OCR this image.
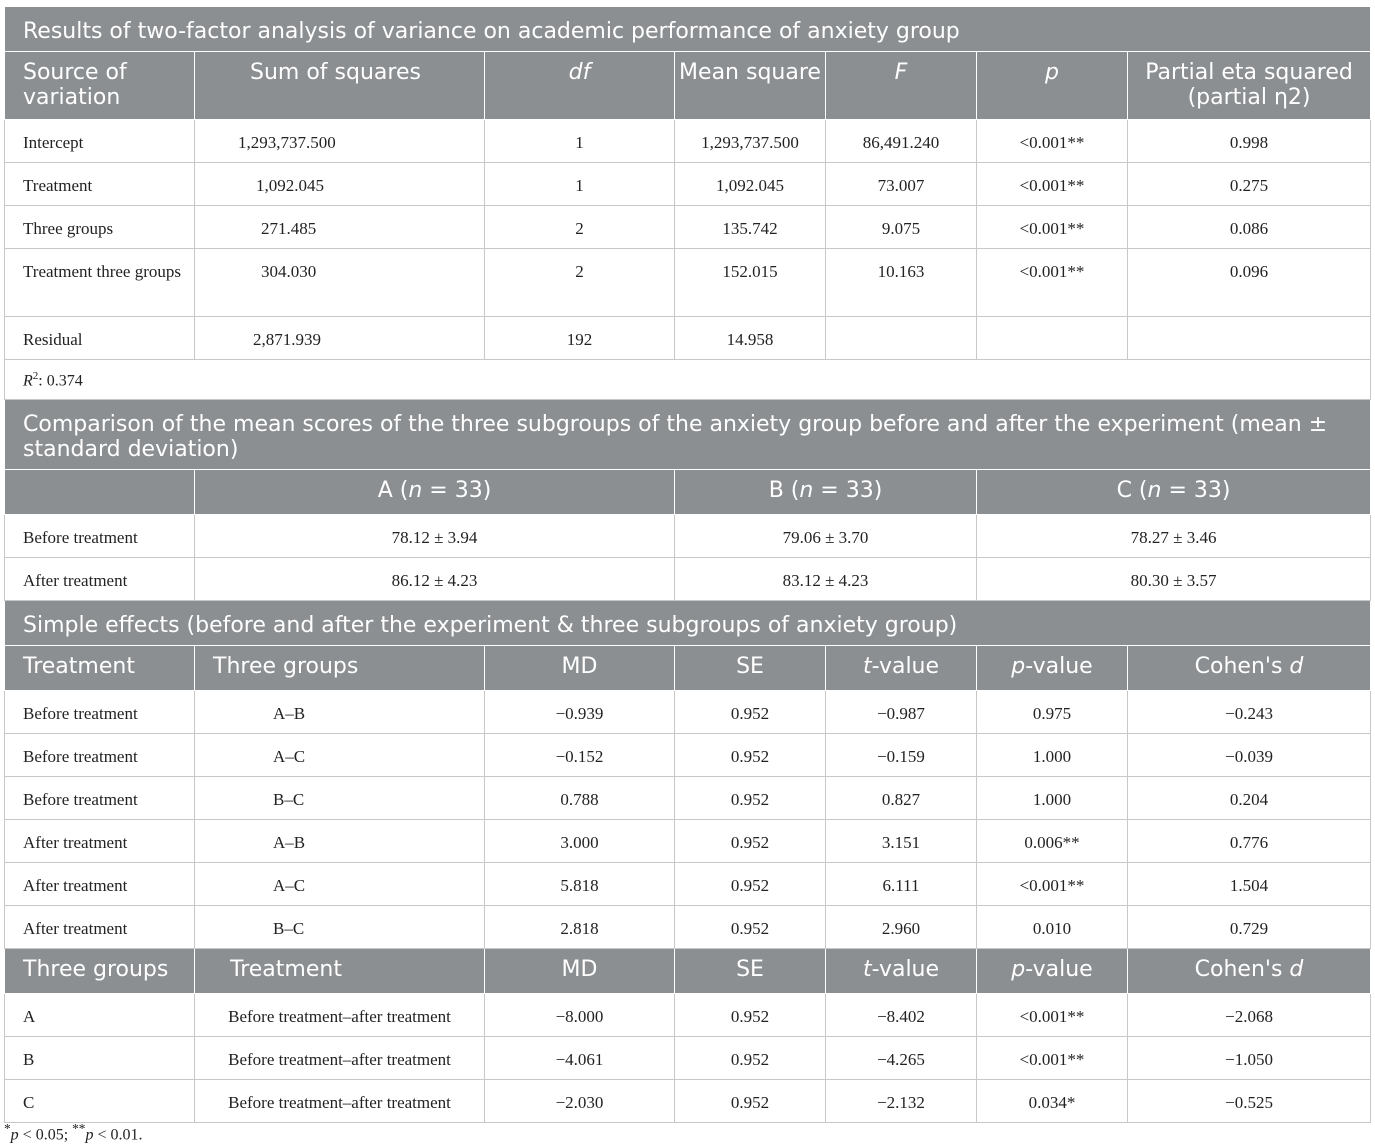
Results of two-factor analysis of variance on academic performance of anxiety group						
Source of variation	Sum of squares	df	Mean square	F	p	Partial eta squared (partial η2)
Intercept	1,293,737.500	1	1,293,737.500	86,491.240	<0.001**	0.998
Treatment	1,092.045	1	1,092.045	73.007	<0.001**	0.275
Three groups	271.485	2	135.742	9.075	<0.001**	0.086
Treatment three groups	304.030	2	152.015	10.163	<0.001**	0.096
Residual	2,871.939	192	14.958			
$R^2$: 0.374						
Comparison of the mean scores of the three subgroups of the anxiety group before and after the experiment (mean ± standard deviation)						
	A (n = 33)		B (n = 33)		C (n = 33)	
Before treatment	78.12 ± 3.94		79.06 ± 3.70		78.27 ± 3.46	
After treatment	86.12 ± 4.23		83.12 ± 4.23		80.30 ± 3.57	
Simple effects (before and after the experiment & three subgroups of anxiety group)						
Treatment	Three groups	MD	SE	t-value	p-value	Cohen's d
Before treatment	A–B	−0.939	0.952	−0.987	0.975	−0.243
Before treatment	A–C	−0.152	0.952	−0.159	1.000	−0.039
Before treatment	B–C	0.788	0.952	0.827	1.000	0.204
After treatment	A–B	3.000	0.952	3.151	0.006**	0.776
After treatment	A–C	5.818	0.952	6.111	<0.001**	1.504
After treatment	B–C	2.818	0.952	2.960	0.010	0.729
Three groups	Treatment	MD	SE	t-value	p-value	Cohen's d
A	Before treatment–after treatment	−8.000	0.952	−8.402	<0.001**	−2.068
B	Before treatment–after treatment	−4.061	0.952	−4.265	<0.001**	−1.050
C	Before treatment–after treatment	−2.030	0.952	−2.132	0.034*	−0.525
*p < 0.05; **p < 0.01.
